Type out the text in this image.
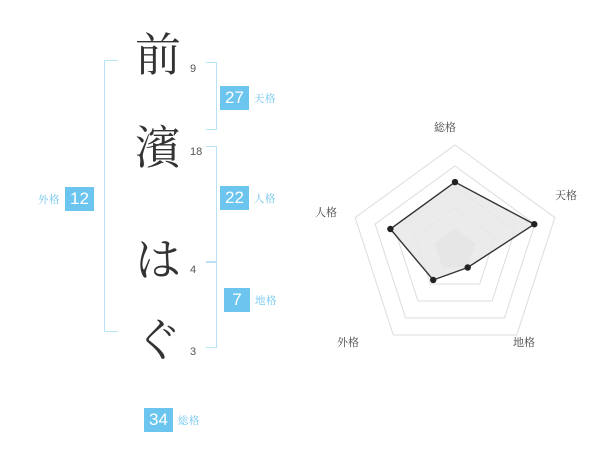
前
濱
は
ぐ
9
18
4
3
27 天格
22 人格
7	地格
外格 12
34 総格
総格
天格
地格
外格
人格
